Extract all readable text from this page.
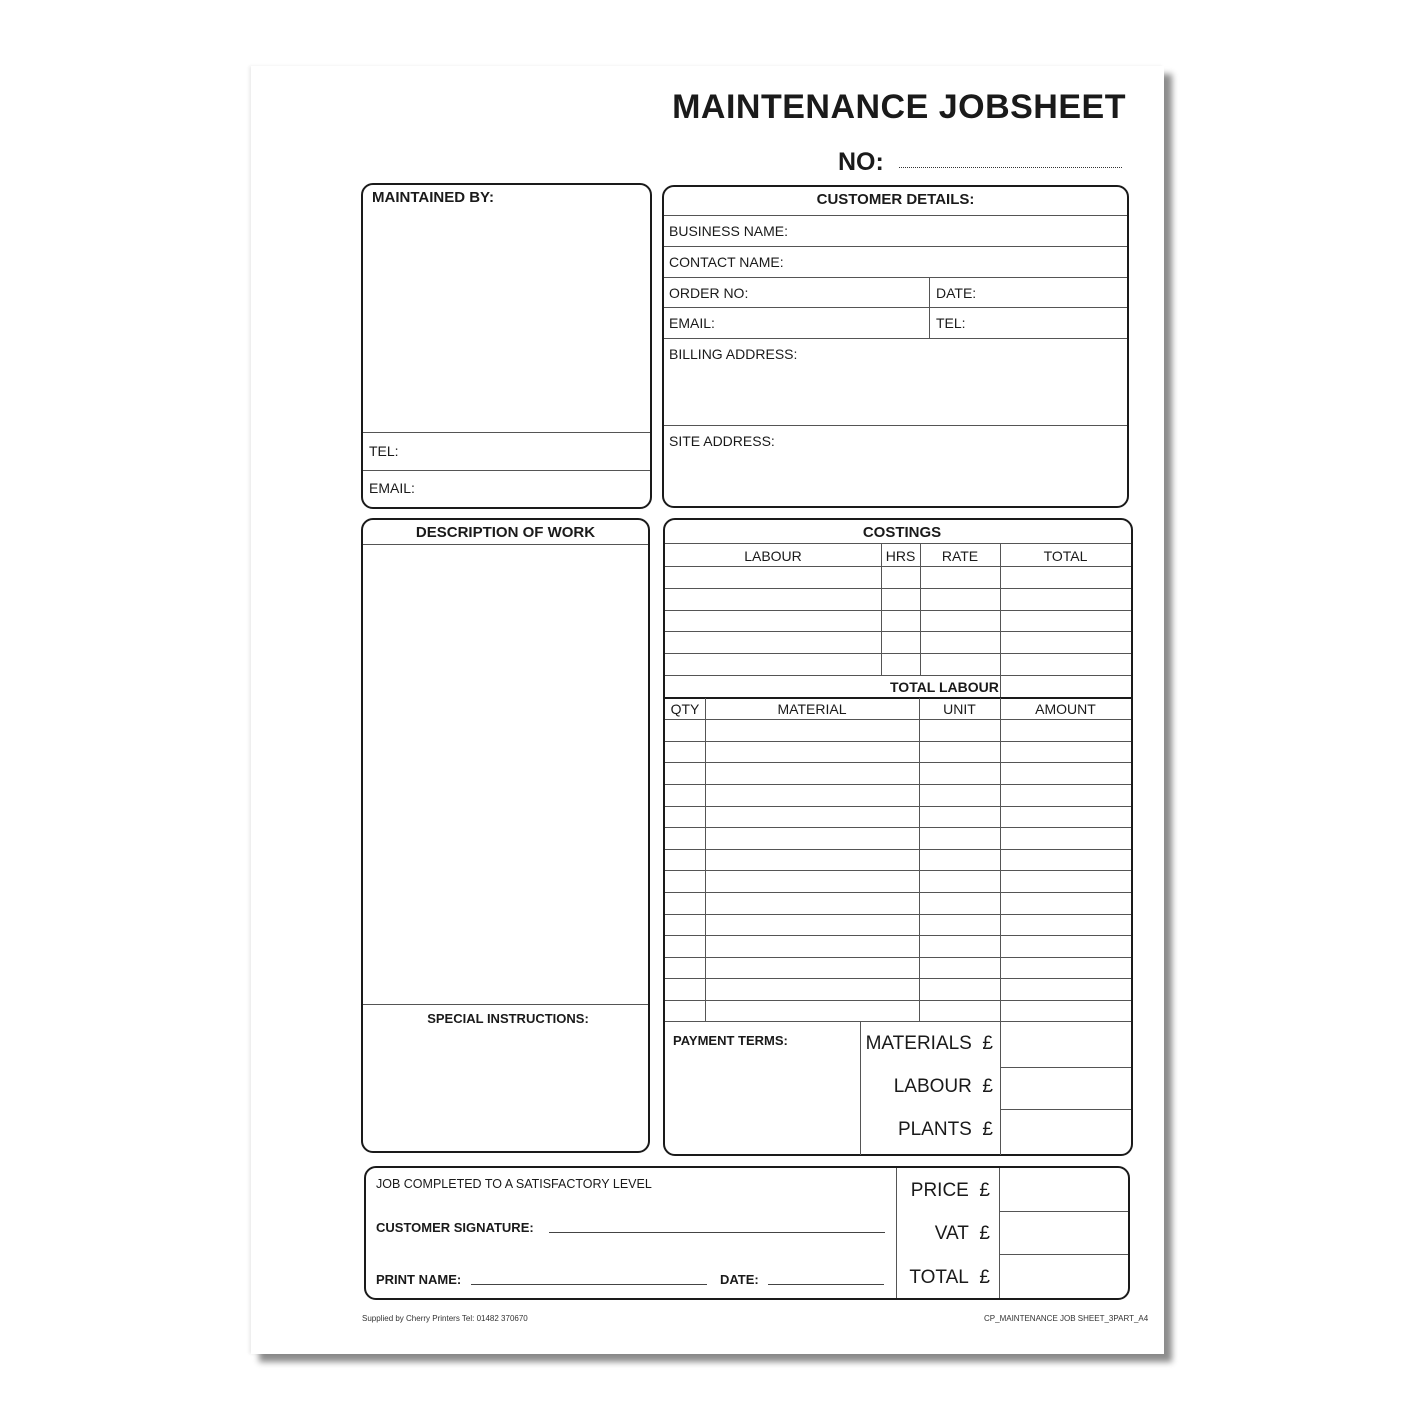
MAINTENANCE JOBSHEET
NO:
MAINTAINED BY:
TEL:
EMAIL:
CUSTOMER DETAILS:
BUSINESS NAME:
CONTACT NAME:
ORDER NO:	DATE:
EMAIL:	TEL:
BILLING ADDRESS:
SITE ADDRESS:
DESCRIPTION OF WORK
SPECIAL INSTRUCTIONS:
COSTINGS
LABOUR	HRS	RATE	TOTAL
TOTAL LABOUR
QTY	MATERIAL	UNIT	AMOUNT
PAYMENT TERMS:	MATERIALS £
LABOUR £
PLANTS £
JOB COMPLETED TO A SATISFACTORY LEVEL
CUSTOMER SIGNATURE:
PRINT NAME:	DATE:
PRICE £
VAT £
TOTAL £
Supplied by Cherry Printers Tel: 01482 370670	CP_MAINTENANCE JOB SHEET_3PART_A4
